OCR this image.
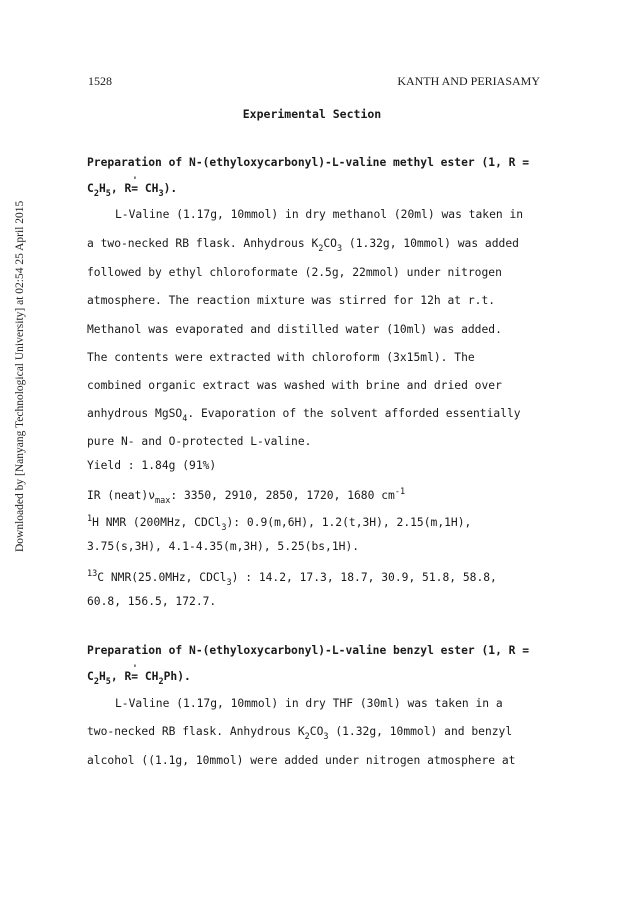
1528	KANTH AND PERIASAMY
Downloaded by [Nanyang Technological University] at 02:54 25 April 2015
Experimental Section
Preparation of N-(ethyloxycarbonyl)-L-valine methyl ester (1, R =
$C_2H_5$, $R= CH_3$).
L-Valine (1.17g, 10mmol) in dry methanol (20ml) was taken in
a two-necked RB flask. Anhydrous $K_2CO_3$ (1.32g, 10mmol) was added
followed by ethyl chloroformate (2.5g, 22mmol) under nitrogen
atmosphere. The reaction mixture was stirred for 12h at r.t.
Methanol was evaporated and distilled water (10ml) was added.
The contents were extracted with chloroform (3x15ml). The
combined organic extract was washed with brine and dried over
anhydrous MgSO$_4$. Evaporation of the solvent afforded essentially
pure N- and O-protected L-valine.
Yield : 1.84g (91%)
IR $(neat)\nu_{max}$: 3350, 2910, 2850, 1720, 1680 $cm^{-1}$
$^1$H NMR (200MHz, CDCl$_3$): 0.9(m,6H), 1.2(t,3H), 2.15(m,1H),
3.75(s,3H), 4.1-4.35(m,3H), 5.25(bs,1H).
$^{13}$C NMR(25.0MHz, CDCl$_3$) : 14.2, 17.3, 18.7, 30.9, 51.8, 58.8,
60.8, 156.5, 172.7.
Preparation of N-(ethyloxycarbonyl)-L-valine benzyl ester (1, R =
$C_2H_5$, $R= CH_2Ph$).
L-Valine (1.17g, 10mmol) in dry THF (30ml) was taken in a
two-necked RB flask. Anhydrous $K_2CO_3$ (1.32g, 10mmol) and benzyl
alcohol ((1.1g, 10mmol) were added under nitrogen atmosphere at
